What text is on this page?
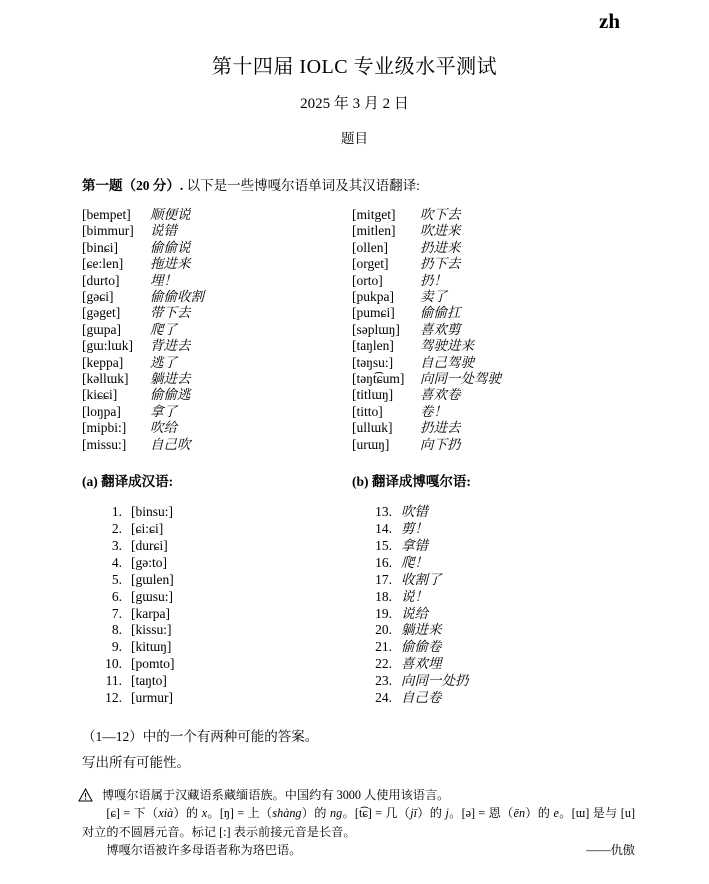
zh
第十四届 IOLC 专业级水平测试
2025 年 3 月 2 日
题目

第一题（20 分）. 以下是一些博嘎尔语单词及其汉语翻译:

[bempet]	顺便说
[bimmur]	说错
[binɕi]	偷偷说
[ɕe:len]	拖进来
[durto]	埋！
[gəɕi]	偷偷收割
[gəget]	带下去
[gɯpa]	爬了
[gɯ:lɯk]	背进去
[keppa]	逃了
[kəllɯk]	躺进去
[kiɕɕi]	偷偷逃
[loŋpa]	拿了
[mipbi:]	吹给
[missu:]	自己吹
[mitget]	吹下去
[mitlen]	吹进来
[ollen]	扔进来
[orget]	扔下去
[orto]	扔！
[pukpa]	卖了
[pumɕi]	偷偷扛
[səplɯŋ]	喜欢剪
[taŋlen]	驾驶进来
[təŋsu:]	自己驾驶
[təŋt͡ɕum]	向同一处驾驶
[titlɯŋ]	喜欢卷
[titto]	卷！
[ullɯk]	扔进去
[urɯŋ]	向下扔
(a) 翻译成汉语:
1. [binsu:]
2. [ɕi:ɕi]
3. [durɕi]
4. [gə:to]
5. [gɯlen]
6. [gɯsu:]
7. [karpa]
8. [kissu:]
9. [kitɯŋ]
10. [pomto]
11. [taŋto]
12. [urmur]
(b) 翻译成博嘎尔语:
13. 吹错
14. 剪！
15. 拿错
16. 爬！
17. 收割了
18. 说！
19. 说给
20. 躺进来
21. 偷偷卷
22. 喜欢埋
23. 向同一处扔
24. 自己卷

（1—12）中的一个有两种可能的答案。

写出所有可能性。

博嘎尔语属于汉藏语系藏缅语族。中国约有 3000 人使用该语言。

[ɕ] = 下（xià）的 x。[ŋ] = 上（shàng）的 ng。[t͡ɕ] = 几（jī）的 j。[ə] = 恩（ēn）的 e。[ɯ] 是与 [u] 对立的不圆唇元音。标记 [:] 表示前接元音是长音。

博嘎尔语被许多母语者称为珞巴语。	——仇傲
